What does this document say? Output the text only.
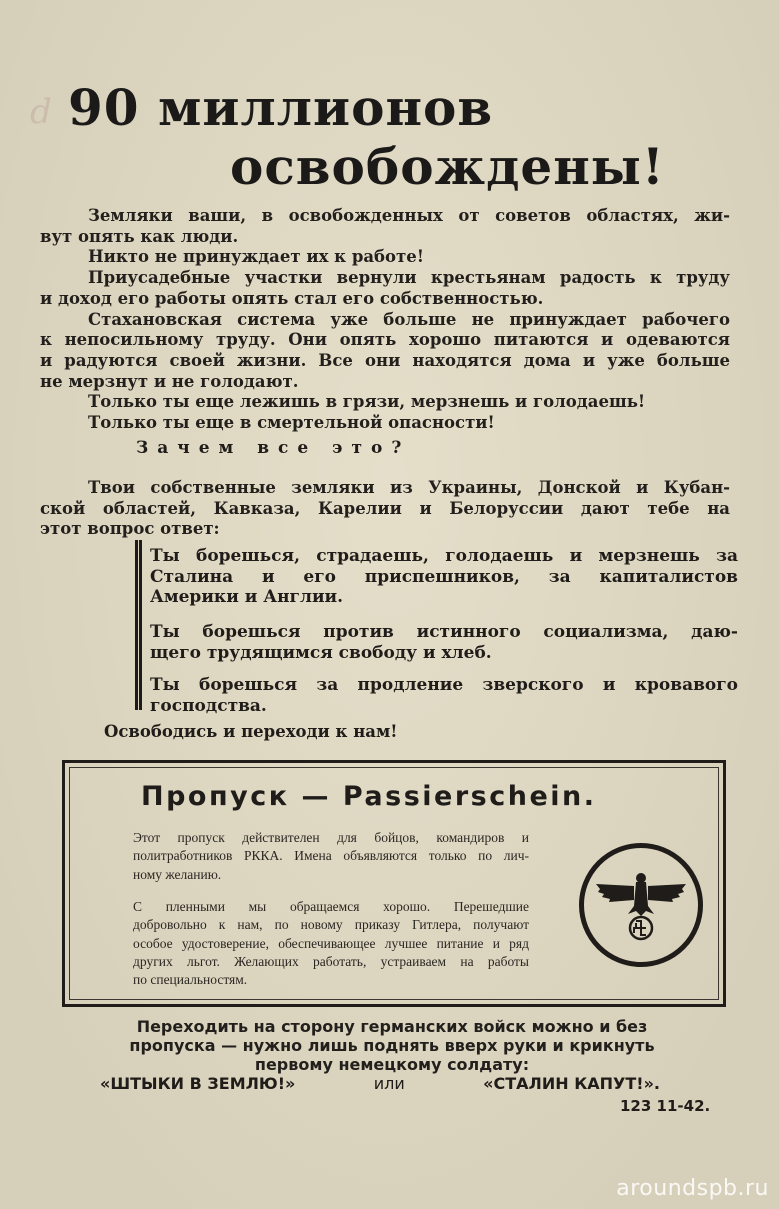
d 90 миллионов
освобождены!

Земляки ваши, в освобожденных от советов областях, жи-

вут опять как люди.

Никто не принуждает их к работе!

Приусадебные участки вернули крестьянам радость к труду

и доход его работы опять стал его собственностью.

Стахановская система уже больше не принуждает рабочего

к непосильному труду. Они опять хорошо питаются и одеваются

и радуются своей жизни. Все они находятся дома и уже больше

не мерзнут и не голодают.

Только ты еще лежишь в грязи, мерзнешь и голодаешь!

Только ты еще в смертельной опасности!

Зачем все это?

Твои собственные земляки из Украины, Донской и Кубан-

ской областей, Кавказа, Карелии и Белоруссии дают тебе на

этот вопрос ответ:

Ты борешься, страдаешь, голодаешь и мерзнешь за

Сталина и его приспешников, за капиталистов

Америки и Англии.

Ты борешься против истинного социализма, даю-

щего трудящимся свободу и хлеб.

Ты борешься за продление зверского и кровавого

господства.

Освободись и переходи к нам!
Пропуск — Passierschein.

Этот пропуск действителен для бойцов, командиров и

политработников РККА. Имена объявляются только по лич-

ному желанию.

С пленными мы обращаемся хорошо. Перешедшие

добровольно к нам, по новому приказу Гитлера, получают

особое удостоверение, обеспечивающее лучшее питание и ряд

других льгот. Желающих работать, устраиваем на работы

по специальностям.

Переходить на сторону германских войск можно и без
пропуска — нужно лишь поднять вверх руки и крикнуть
первому немецкому солдату:
«ШТЫКИ В ЗЕМЛЮ!»	или	«СТАЛИН КАПУТ!».
123 11-42.
aroundspb.ru
